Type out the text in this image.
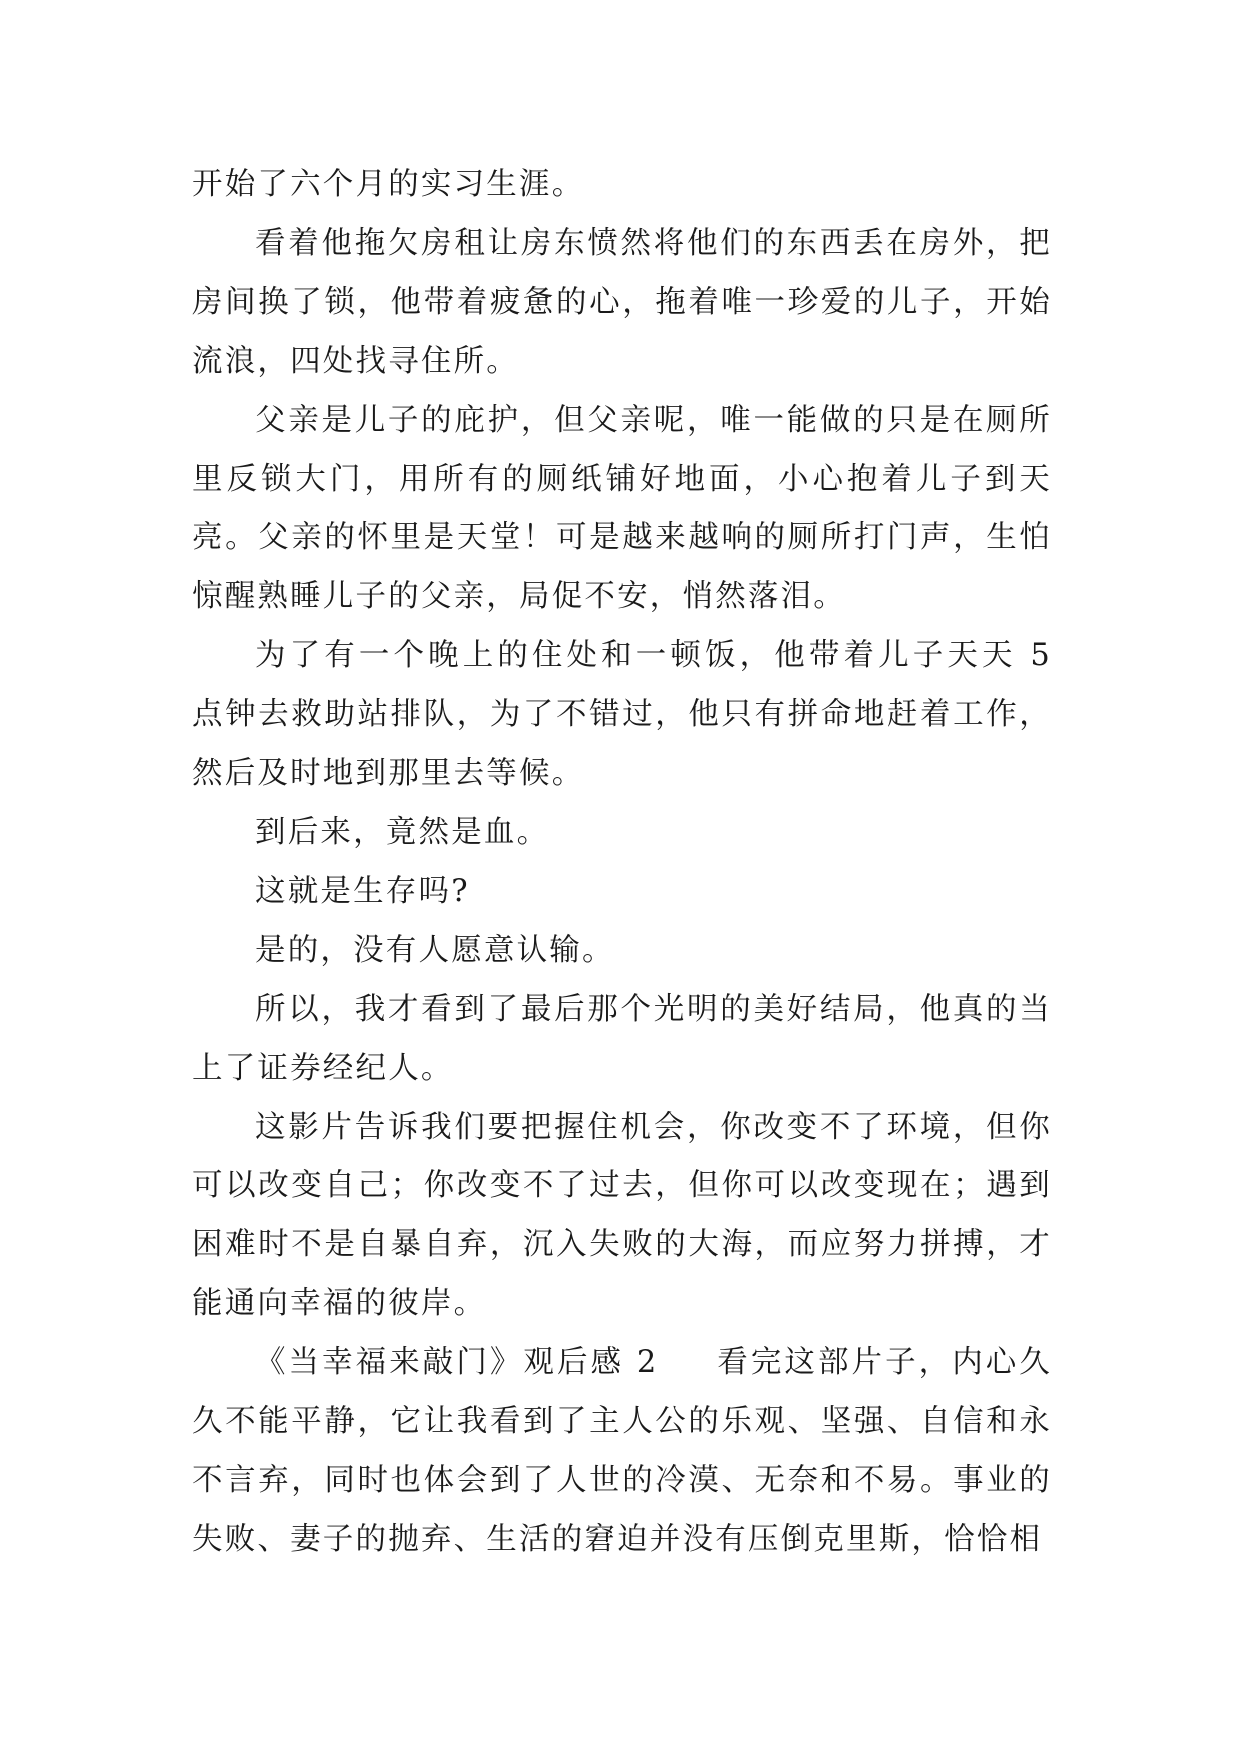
开始了六个月的实习生涯。

看着他拖欠房租让房东愤然将他们的东西丢在房外，把房间换了锁，他带着疲惫的心，拖着唯一珍爱的儿子，开始流浪，四处找寻住所。

父亲是儿子的庇护，但父亲呢，唯一能做的只是在厕所里反锁大门，用所有的厕纸铺好地面，小心抱着儿子到天亮。父亲的怀里是天堂！可是越来越响的厕所打门声，生怕惊醒熟睡儿子的父亲，局促不安，悄然落泪。

为了有一个晚上的住处和一顿饭，他带着儿子天天 5 点钟去救助站排队，为了不错过，他只有拼命地赶着工作，然后及时地到那里去等候。

到后来，竟然是血。

这就是生存吗?

是的，没有人愿意认输。

所以，我才看到了最后那个光明的美好结局，他真的当上了证券经纪人。

这影片告诉我们要把握住机会，你改变不了环境，但你可以改变自己；你改变不了过去，但你可以改变现在；遇到困难时不是自暴自弃，沉入失败的大海，而应努力拼搏，才能通向幸福的彼岸。

《当幸福来敲门》观后感 2 看完这部片子，内心久久不能平静，它让我看到了主人公的乐观、坚强、自信和永不言弃，同时也体会到了人世的冷漠、无奈和不易。事业的失败、妻子的抛弃、生活的窘迫并没有压倒克里斯，恰恰相
